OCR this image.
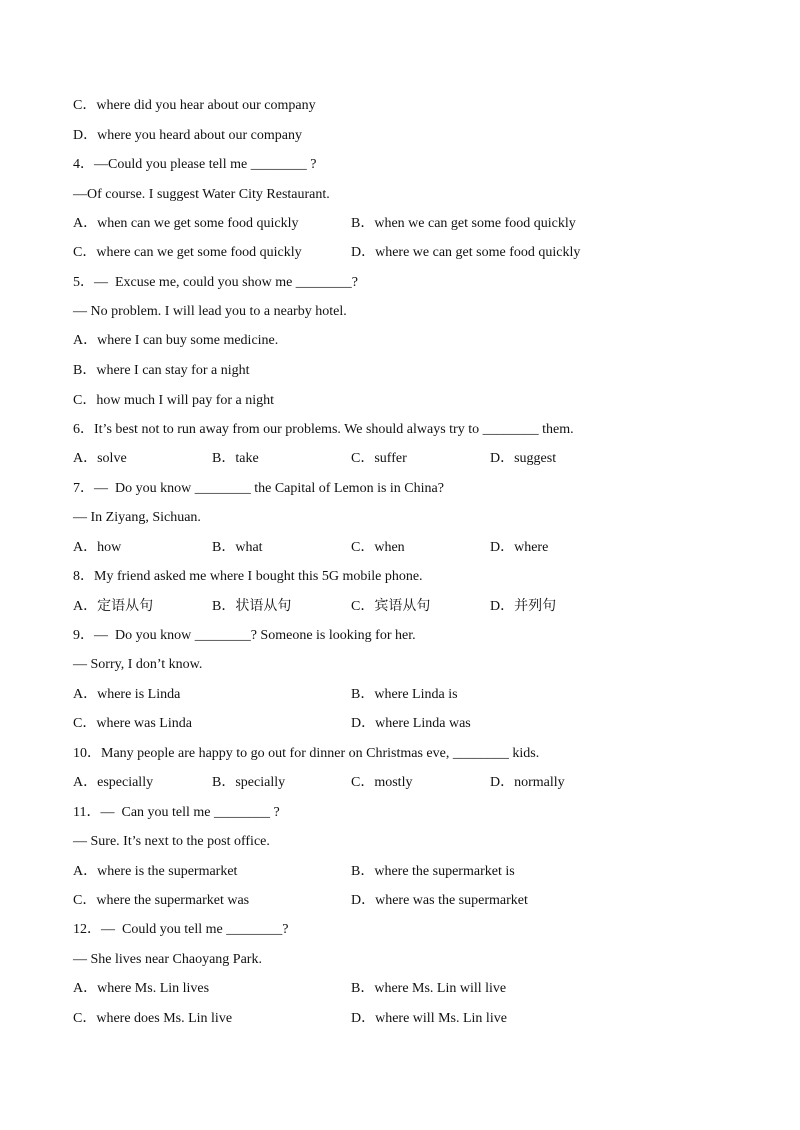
C．where did you hear about our company
D．where you heard about our company
4．—Could you please tell me ________ ?
—Of course. I suggest Water City Restaurant.
A．when can we get some food quickly	B．when we can get some food quickly
C．where can we get some food quickly	D．where we can get some food quickly
5．—  Excuse me, could you show me ________?
— No problem. I will lead you to a nearby hotel.
A．where I can buy some medicine.
B．where I can stay for a night
C．how much I will pay for a night
6．It’s best not to run away from our problems. We should always try to ________ them.
A．solve	B．take	C．suffer	D．suggest
7．—  Do you know ________ the Capital of Lemon is in China?
— In Ziyang, Sichuan.
A．how	B．what	C．when	D．where
8．My friend asked me where I bought this 5G mobile phone.
A．定语从句	B．状语从句	C．宾语从句	D．并列句
9．—  Do you know ________? Someone is looking for her.
— Sorry, I don’t know.
A．where is Linda	B．where Linda is
C．where was Linda	D．where Linda was
10．Many people are happy to go out for dinner on Christmas eve, ________ kids.
A．especially	B．specially	C．mostly	D．normally
11．—  Can you tell me ________ ?
— Sure. It’s next to the post office.
A．where is the supermarket	B．where the supermarket is
C．where the supermarket was	D．where was the supermarket
12．—  Could you tell me ________?
— She lives near Chaoyang Park.
A．where Ms. Lin lives	B．where Ms. Lin will live
C．where does Ms. Lin live	D．where will Ms. Lin live
